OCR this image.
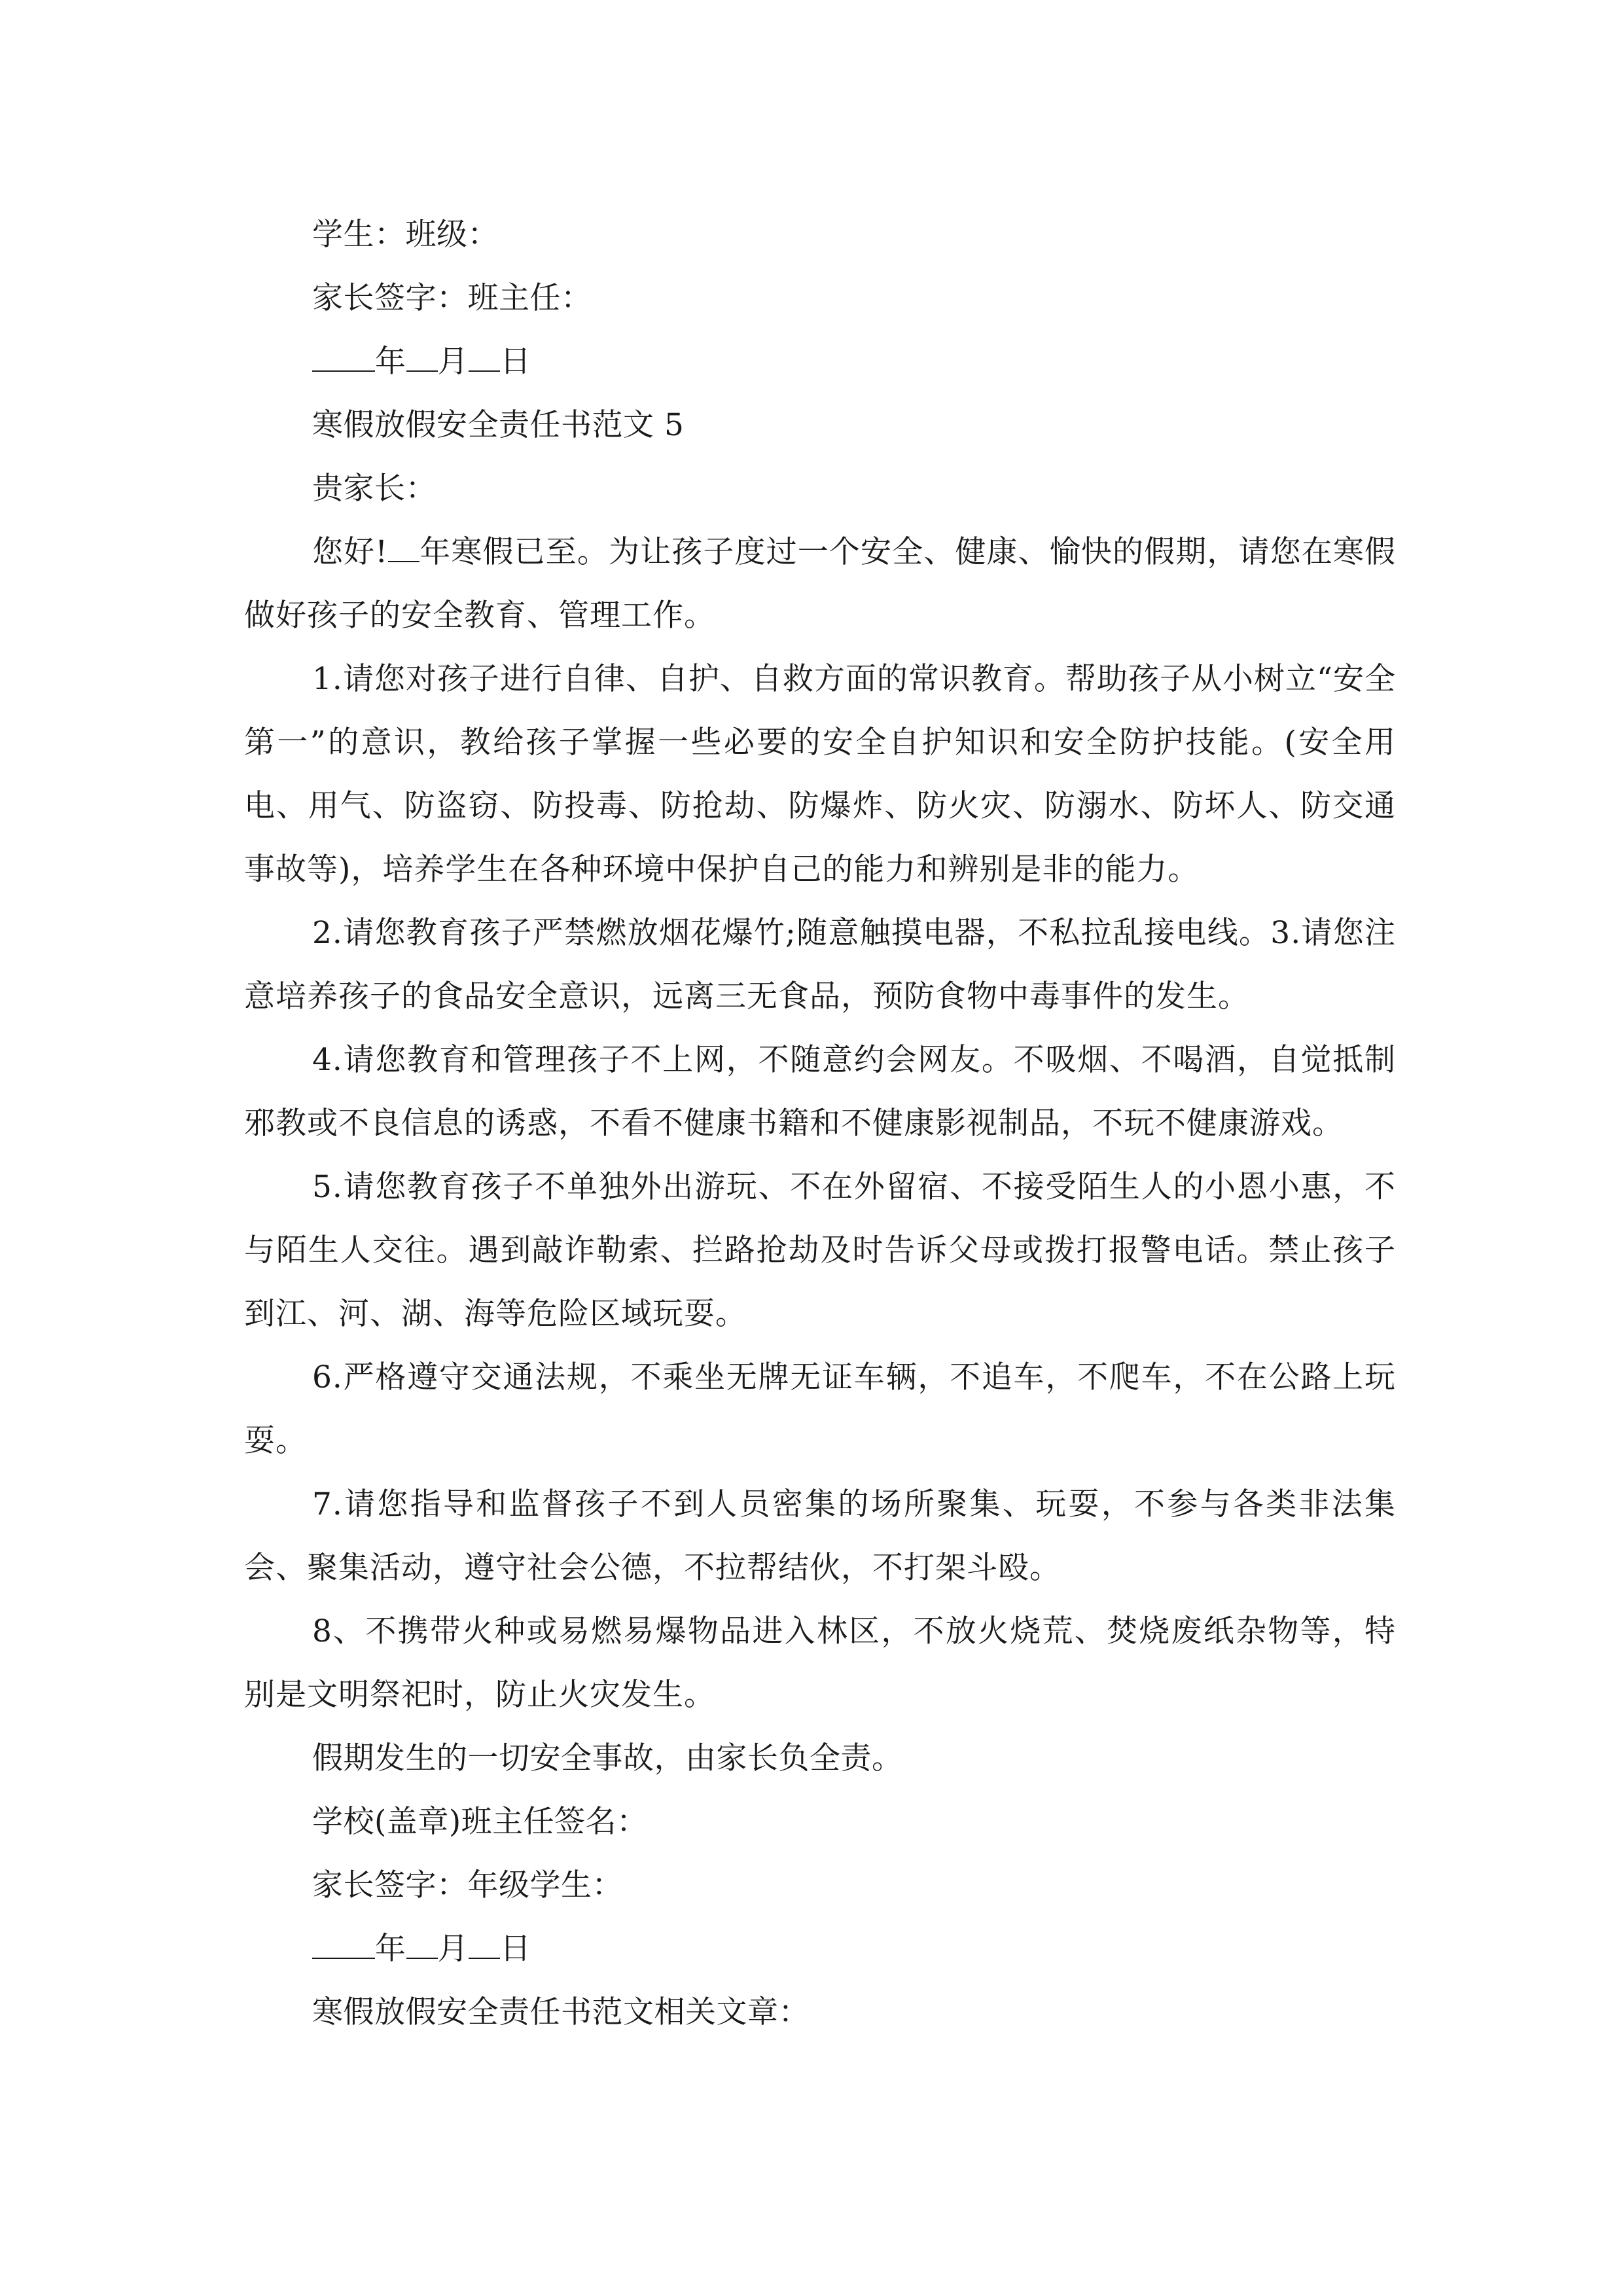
学生：班级：
家长签字：班主任：
年 月 日
寒假放假安全责任书范文 5
贵家长：
您好! 年寒假已至。为让孩子度过一个安全、健康、愉快的假期，请您在寒假做好孩子的安全教育、管理工作。
1.请您对孩子进行自律、自护、自救方面的常识教育。帮助孩子从小树立“安全第一”的意识，教给孩子掌握一些必要的安全自护知识和安全防护技能。(安全用电、用气、防盗窃、防投毒、防抢劫、防爆炸、防火灾、防溺水、防坏人、防交通事故等)，培养学生在各种环境中保护自己的能力和辨别是非的能力。
2.请您教育孩子严禁燃放烟花爆竹;随意触摸电器，不私拉乱接电线。3.请您注意培养孩子的食品安全意识，远离三无食品，预防食物中毒事件的发生。
4.请您教育和管理孩子不上网，不随意约会网友。不吸烟、不喝酒，自觉抵制邪教或不良信息的诱惑，不看不健康书籍和不健康影视制品，不玩不健康游戏。
5.请您教育孩子不单独外出游玩、不在外留宿、不接受陌生人的小恩小惠，不与陌生人交往。遇到敲诈勒索、拦路抢劫及时告诉父母或拨打报警电话。禁止孩子到江、河、湖、海等危险区域玩耍。
6.严格遵守交通法规，不乘坐无牌无证车辆，不追车，不爬车，不在公路上玩耍。
7.请您指导和监督孩子不到人员密集的场所聚集、玩耍，不参与各类非法集会、聚集活动，遵守社会公德，不拉帮结伙，不打架斗殴。
8、不携带火种或易燃易爆物品进入林区，不放火烧荒、焚烧废纸杂物等，特别是文明祭祀时，防止火灾发生。
假期发生的一切安全事故，由家长负全责。
学校(盖章)班主任签名：
家长签字：年级学生：
年 月 日
寒假放假安全责任书范文相关文章：
